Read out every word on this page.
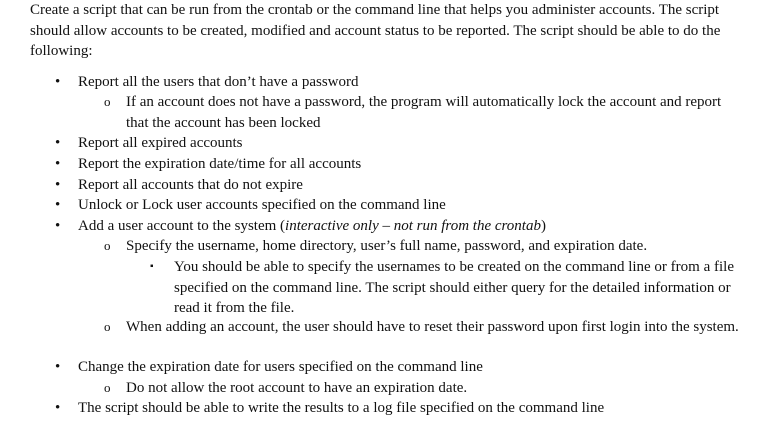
Create a script that can be run from the crontab or the command line that helps you administer accounts. The script should allow accounts to be created, modified and account status to be reported. The script should be able to do the following:

• Report all the users that don’t have a password
o If an account does not have a password, the program will automatically lock the account and report that the account has been locked
• Report all expired accounts
• Report the expiration date/time for all accounts
• Report all accounts that do not expire
• Unlock or Lock user accounts specified on the command line
• Add a user account to the system (interactive only – not run from the crontab)
o Specify the username, home directory, user’s full name, password, and expiration date.
▪ You should be able to specify the usernames to be created on the command line or from a file specified on the command line. The script should either query for the detailed information or read it from the file.
o When adding an account, the user should have to reset their password upon first login into the system.
• Change the expiration date for users specified on the command line
o Do not allow the root account to have an expiration date.
• The script should be able to write the results to a log file specified on the command line
